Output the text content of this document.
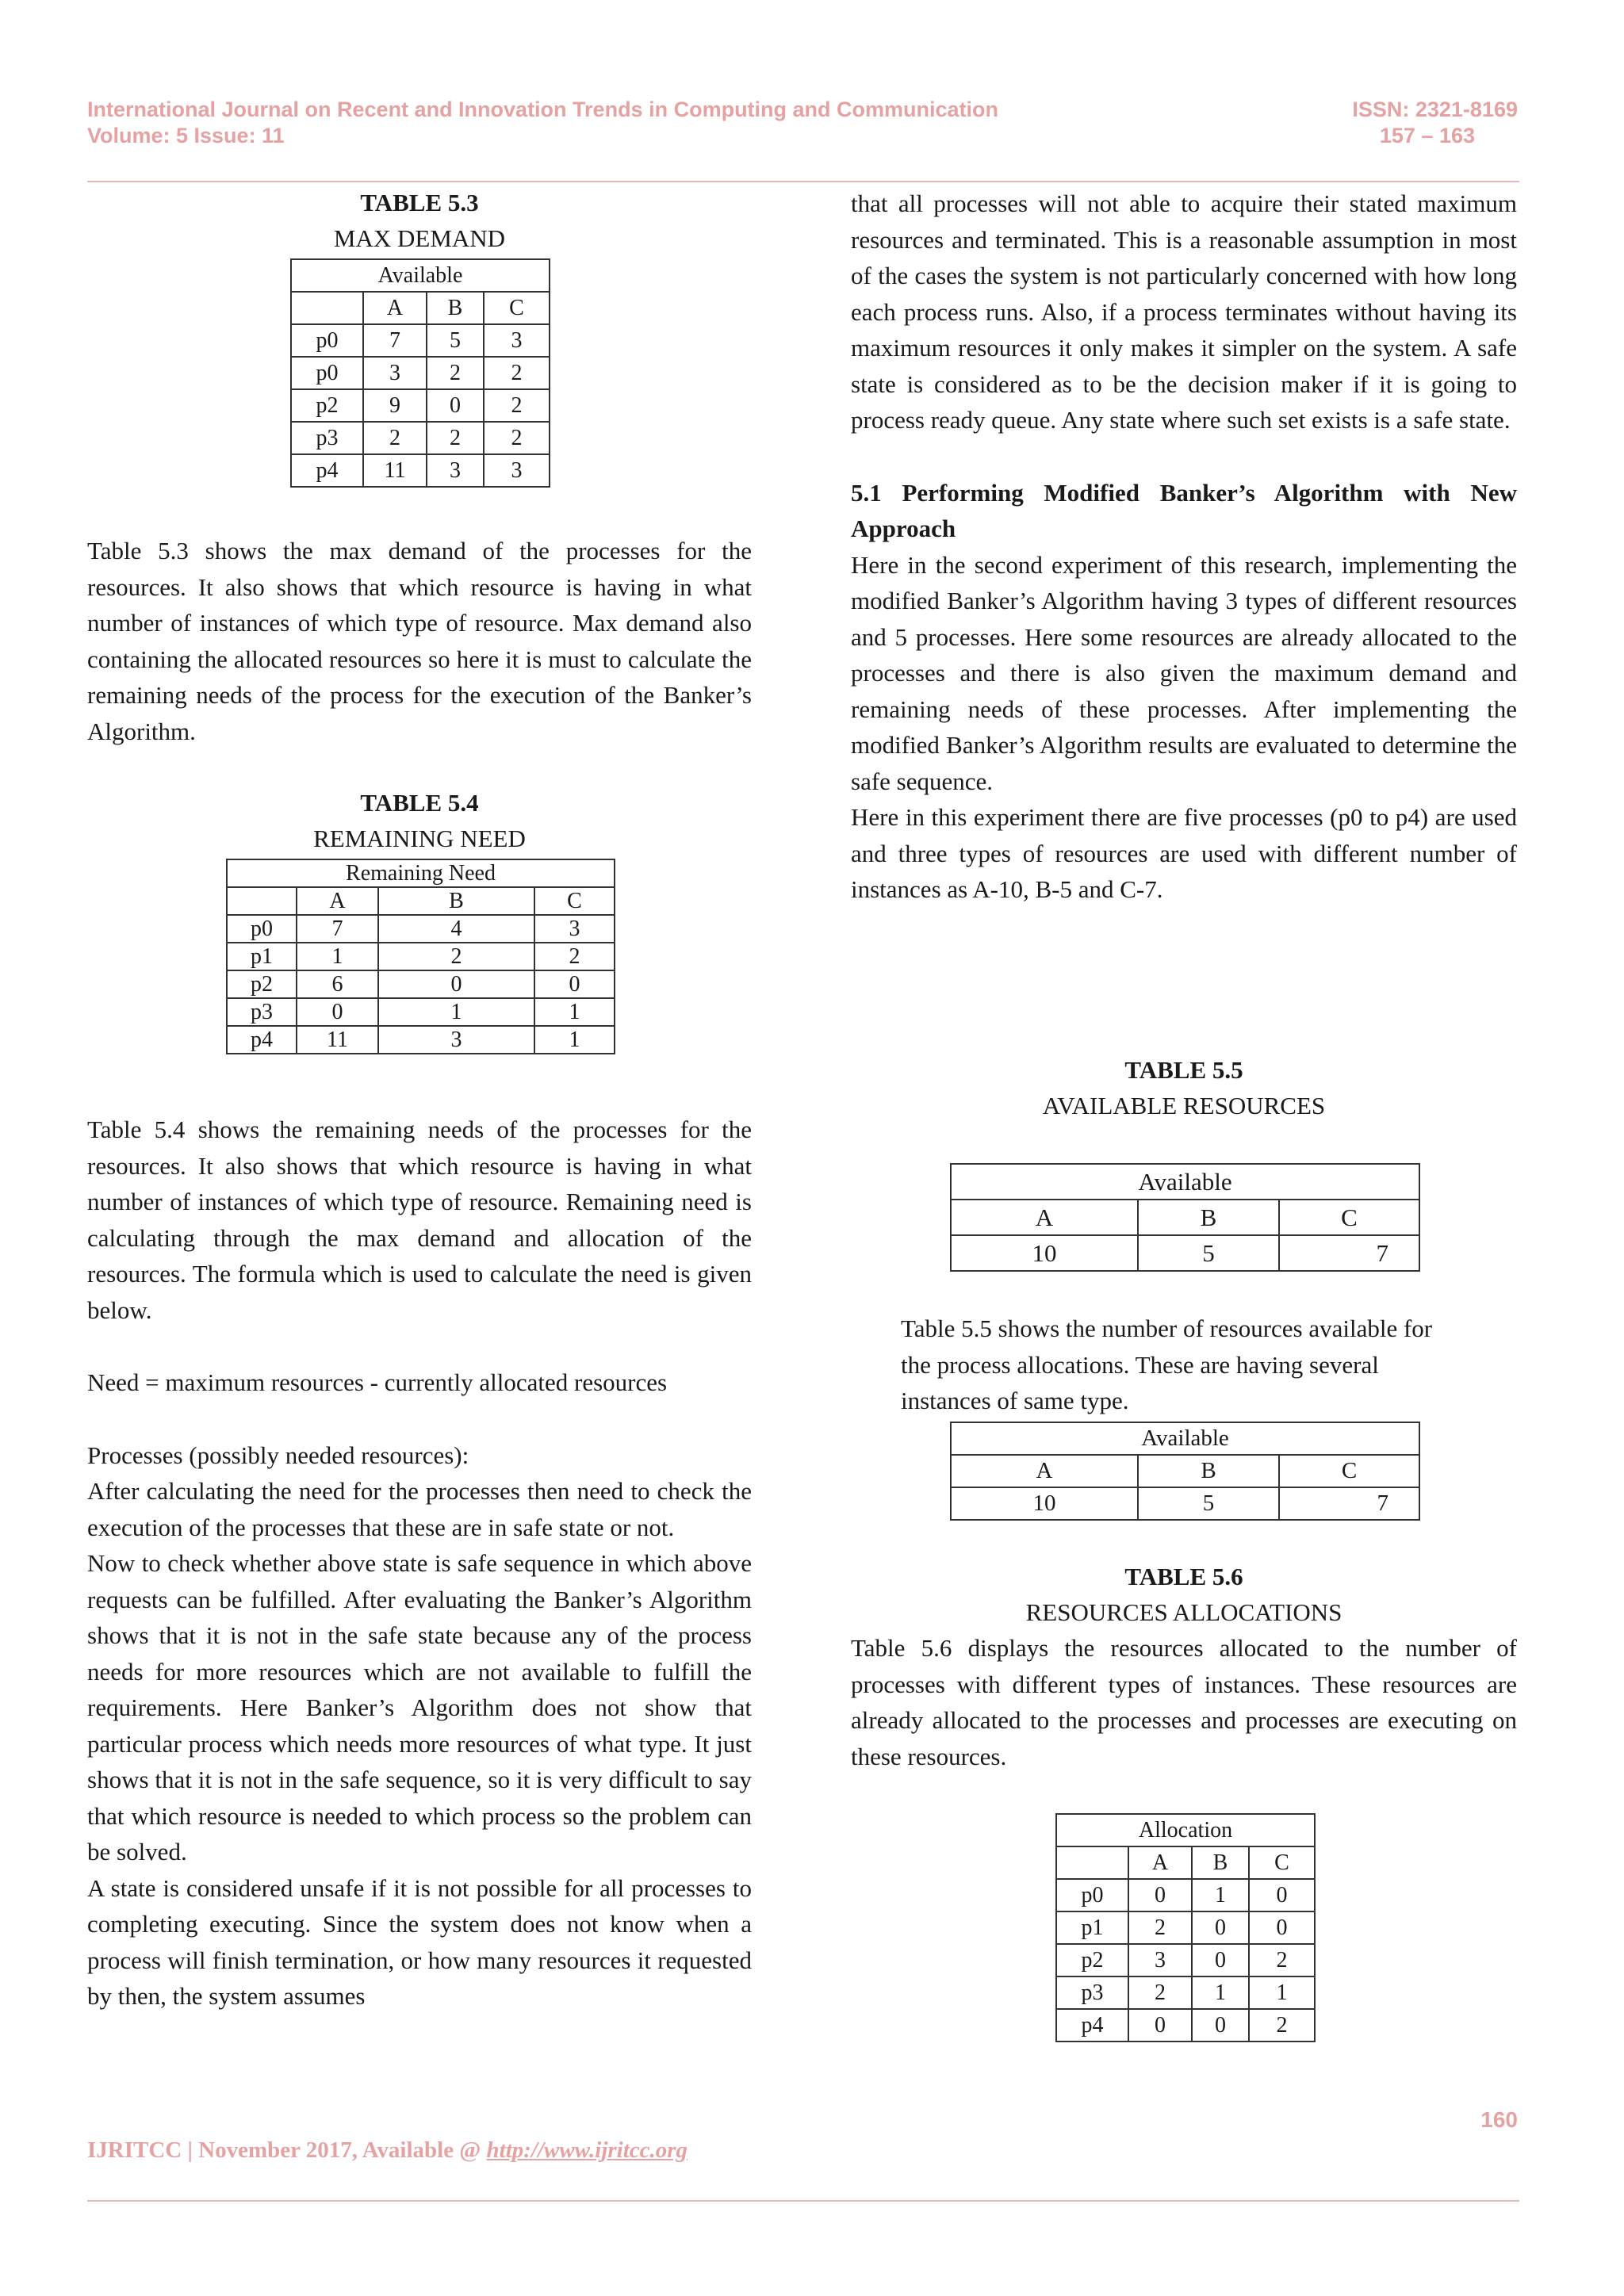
International Journal on Recent and Innovation Trends in Computing and Communication
Volume: 5 Issue: 11
ISSN: 2321-8169
157 – 163
TABLE 5.3
MAX DEMAND
Available			
	A	B	C
p0	7	5	3
p0	3	2	2
p2	9	0	2
p3	2	2	2
p4	11	3	3

Table 5.3 shows the max demand of the processes for the resources. It also shows that which resource is having in what number of instances of which type of resource. Max demand also containing the allocated resources so here it is must to calculate the remaining needs of the process for the execution of the Banker’s Algorithm.

TABLE 5.4
REMAINING NEED
Remaining Need			
	A	B	C
p0	7	4	3
p1	1	2	2
p2	6	0	0
p3	0	1	1
p4	11	3	1

Table 5.4 shows the remaining needs of the processes for the resources. It also shows that which resource is having in what number of instances of which type of resource. Remaining need is calculating through the max demand and allocation of the resources. The formula which is used to calculate the need is given below.

Need = maximum resources - currently allocated resources

Processes (possibly needed resources):

After calculating the need for the processes then need to check the execution of the processes that these are in safe state or not.

Now to check whether above state is safe sequence in which above requests can be fulfilled. After evaluating the Banker’s Algorithm shows that it is not in the safe state because any of the process needs for more resources which are not available to fulfill the requirements. Here Banker’s Algorithm does not show that particular process which needs more resources of what type. It just shows that it is not in the safe sequence, so it is very difficult to say that which resource is needed to which process so the problem can be solved.

A state is considered unsafe if it is not possible for all processes to completing executing. Since the system does not know when a process will finish termination, or how many resources it requested by then, the system assumes

that all processes will not able to acquire their stated maximum resources and terminated. This is a reasonable assumption in most of the cases the system is not particularly concerned with how long each process runs. Also, if a process terminates without having its maximum resources it only makes it simpler on the system. A safe state is considered as to be the decision maker if it is going to process ready queue. Any state where such set exists is a safe state.

5.1 Performing Modified Banker’s Algorithm with New Approach

Here in the second experiment of this research, implementing the modified Banker’s Algorithm having 3 types of different resources and 5 processes. Here some resources are already allocated to the processes and there is also given the maximum demand and remaining needs of these processes. After implementing the modified Banker’s Algorithm results are evaluated to determine the safe sequence.

Here in this experiment there are five processes (p0 to p4) are used and three types of resources are used with different number of instances as A-10, B-5 and C-7.

TABLE 5.5
AVAILABLE RESOURCES
Available		
A	B	C
10	5	7

Table 5.5 shows the number of resources available for the process allocations. These are having several instances of same type.

Available		
A	B	C
10	5	7
TABLE 5.6
RESOURCES ALLOCATIONS

Table 5.6 displays the resources allocated to the number of processes with different types of instances. These resources are already allocated to the processes and processes are executing on these resources.

Allocation			
	A	B	C
p0	0	1	0
p1	2	0	0
p2	3	0	2
p3	2	1	1
p4	0	0	2
160
IJRITCC | November 2017, Available @ http://www.ijritcc.org
